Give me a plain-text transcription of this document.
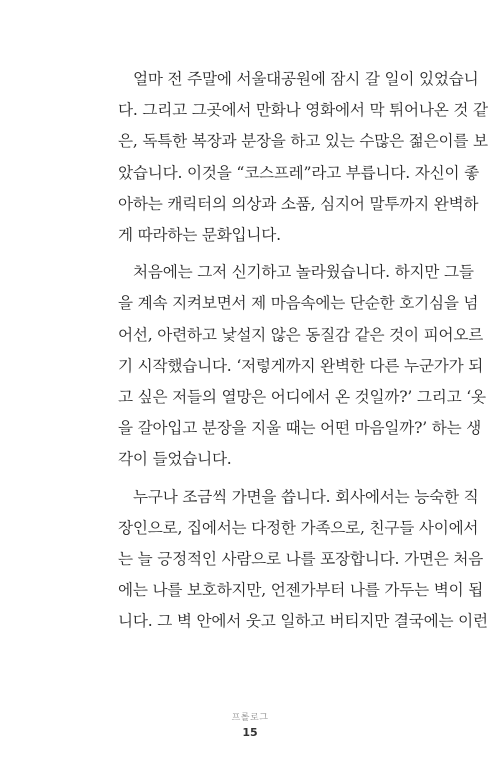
얼마 전 주말에 서울대공원에 잠시 갈 일이 있었습니
다. 그리고 그곳에서 만화나 영화에서 막 튀어나온 것 같
은, 독특한 복장과 분장을 하고 있는 수많은 젊은이를 보
았습니다. 이것을 “코스프레”라고 부릅니다. 자신이 좋
아하는 캐릭터의 의상과 소품, 심지어 말투까지 완벽하
게 따라하는 문화입니다.

처음에는 그저 신기하고 놀라웠습니다. 하지만 그들
을 계속 지켜보면서 제 마음속에는 단순한 호기심을 넘
어선, 아련하고 낯설지 않은 동질감 같은 것이 피어오르
기 시작했습니다. ‘저렇게까지 완벽한 다른 누군가가 되
고 싶은 저들의 열망은 어디에서 온 것일까?’ 그리고 ‘옷
을 갈아입고 분장을 지울 때는 어떤 마음일까?’ 하는 생
각이 들었습니다.

누구나 조금씩 가면을 씁니다. 회사에서는 능숙한 직
장인으로, 집에서는 다정한 가족으로, 친구들 사이에서
는 늘 긍정적인 사람으로 나를 포장합니다. 가면은 처음
에는 나를 보호하지만, 언젠가부터 나를 가두는 벽이 됩
니다. 그 벽 안에서 웃고 일하고 버티지만 결국에는 이런

프롤로그
15
